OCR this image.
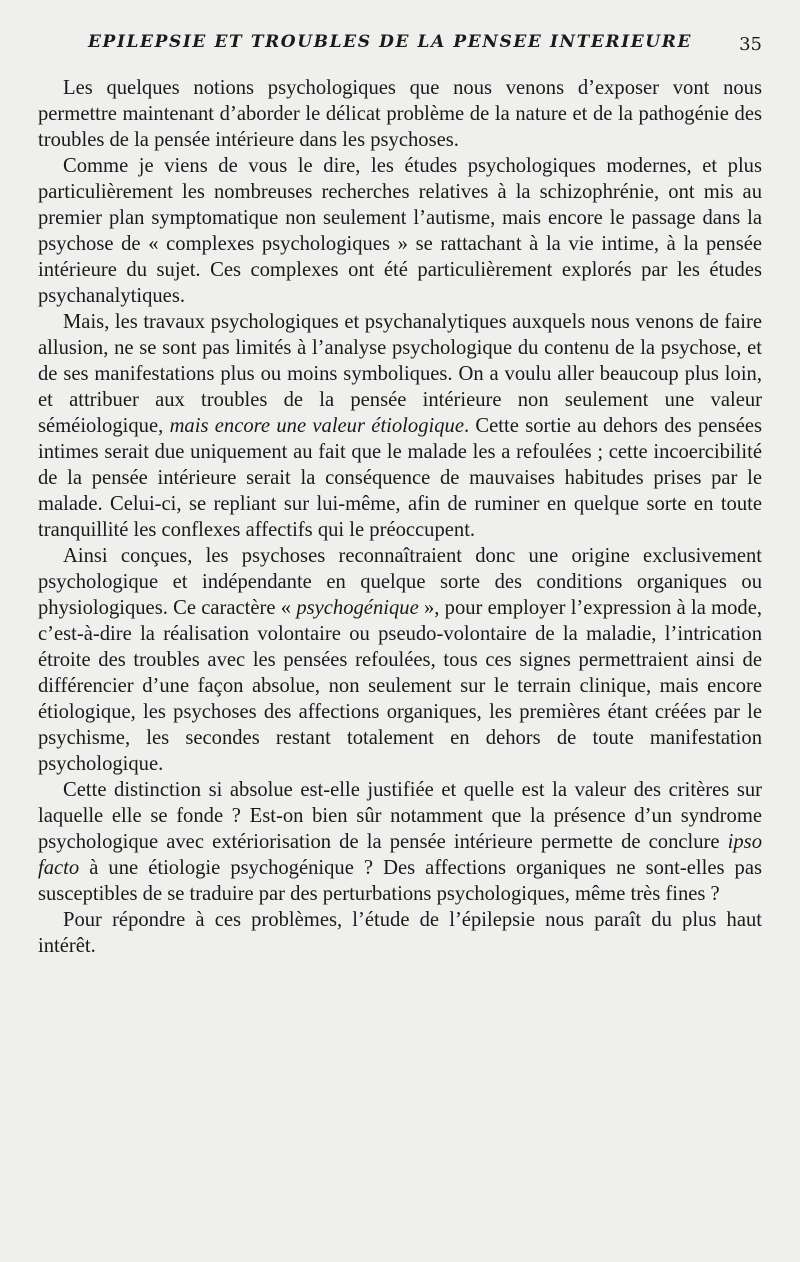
EPILEPSIE ET TROUBLES DE LA PENSEE INTERIEURE	35

Les quelques notions psychologiques que nous venons d’exposer vont nous permettre maintenant d’aborder le délicat problème de la nature et de la pathogénie des troubles de la pensée intérieure dans les psychoses.

Comme je viens de vous le dire, les études psychologiques modernes, et plus particulièrement les nombreuses recherches relatives à la schizophrénie, ont mis au premier plan symptomatique non seulement l’autisme, mais encore le passage dans la psychose de « complexes psychologiques » se rattachant à la vie intime, à la pensée intérieure du sujet. Ces complexes ont été particulièrement explorés par les études psychanalytiques.

Mais, les travaux psychologiques et psychanalytiques auxquels nous venons de faire allusion, ne se sont pas limités à l’analyse psychologique du contenu de la psychose, et de ses manifestations plus ou moins symboliques. On a voulu aller beaucoup plus loin, et attribuer aux troubles de la pensée intérieure non seulement une valeur séméiologique, mais encore une valeur étiologique. Cette sortie au dehors des pensées intimes serait due uniquement au fait que le malade les a refoulées ; cette incoercibilité de la pensée intérieure serait la conséquence de mauvaises habitudes prises par le malade. Celui-ci, se repliant sur lui-même, afin de ruminer en quelque sorte en toute tranquillité les conflexes affectifs qui le préoccupent.

Ainsi conçues, les psychoses reconnaîtraient donc une origine exclusivement psychologique et indépendante en quelque sorte des conditions organiques ou physiologiques. Ce caractère « psychogénique », pour employer l’expression à la mode, c’est-à-dire la réalisation volontaire ou pseudo-volontaire de la maladie, l’intrication étroite des troubles avec les pensées refoulées, tous ces signes permettraient ainsi de différencier d’une façon absolue, non seulement sur le terrain clinique, mais encore étiologique, les psychoses des affections organiques, les premières étant créées par le psychisme, les secondes restant totalement en dehors de toute manifestation psychologique.

Cette distinction si absolue est-elle justifiée et quelle est la valeur des critères sur laquelle elle se fonde ? Est-on bien sûr notamment que la présence d’un syndrome psychologique avec extériorisation de la pensée intérieure permette de conclure ipso facto à une étiologie psychogénique ? Des affections organiques ne sont-elles pas susceptibles de se traduire par des perturbations psychologiques, même très fines ?

Pour répondre à ces problèmes, l’étude de l’épilepsie nous paraît du plus haut intérêt.
